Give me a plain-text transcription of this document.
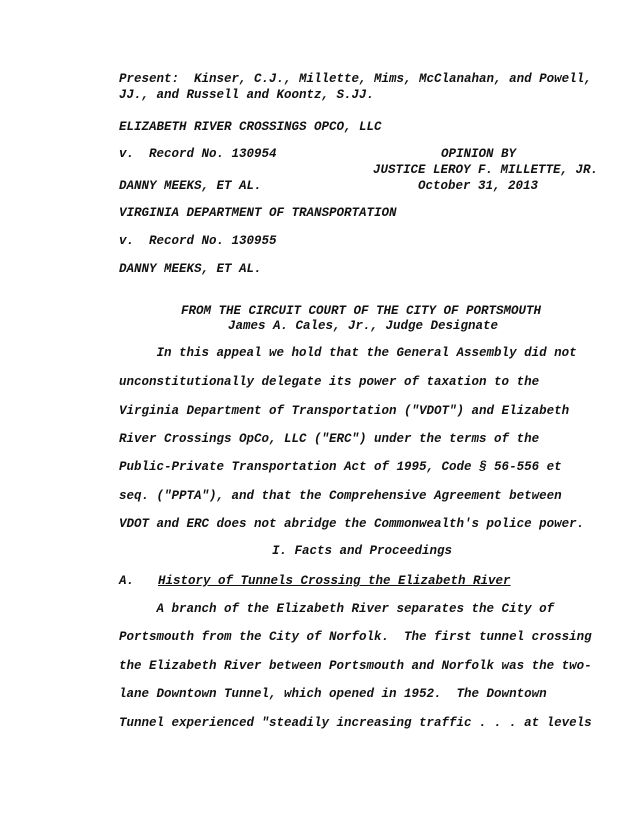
Present:  Kinser, C.J., Millette, Mims, McClanahan, and Powell,
JJ., and Russell and Koontz, S.JJ.
ELIZABETH RIVER CROSSINGS OPCO, LLC
v.  Record No. 130954	OPINION BY
JUSTICE LEROY F. MILLETTE, JR.
DANNY MEEKS, ET AL.	October 31, 2013
VIRGINIA DEPARTMENT OF TRANSPORTATION
v.  Record No. 130955
DANNY MEEKS, ET AL.
FROM THE CIRCUIT COURT OF THE CITY OF PORTSMOUTH
James A. Cales, Jr., Judge Designate
In this appeal we hold that the General Assembly did not
unconstitutionally delegate its power of taxation to the
Virginia Department of Transportation ("VDOT") and Elizabeth
River Crossings OpCo, LLC ("ERC") under the terms of the
Public-Private Transportation Act of 1995, Code § 56-556 et
seq. ("PPTA"), and that the Comprehensive Agreement between
VDOT and ERC does not abridge the Commonwealth's police power.
I. Facts and Proceedings
A. History of Tunnels Crossing the Elizabeth River
A branch of the Elizabeth River separates the City of
Portsmouth from the City of Norfolk.  The first tunnel crossing
the Elizabeth River between Portsmouth and Norfolk was the two-
lane Downtown Tunnel, which opened in 1952.  The Downtown
Tunnel experienced "steadily increasing traffic . . . at levels
